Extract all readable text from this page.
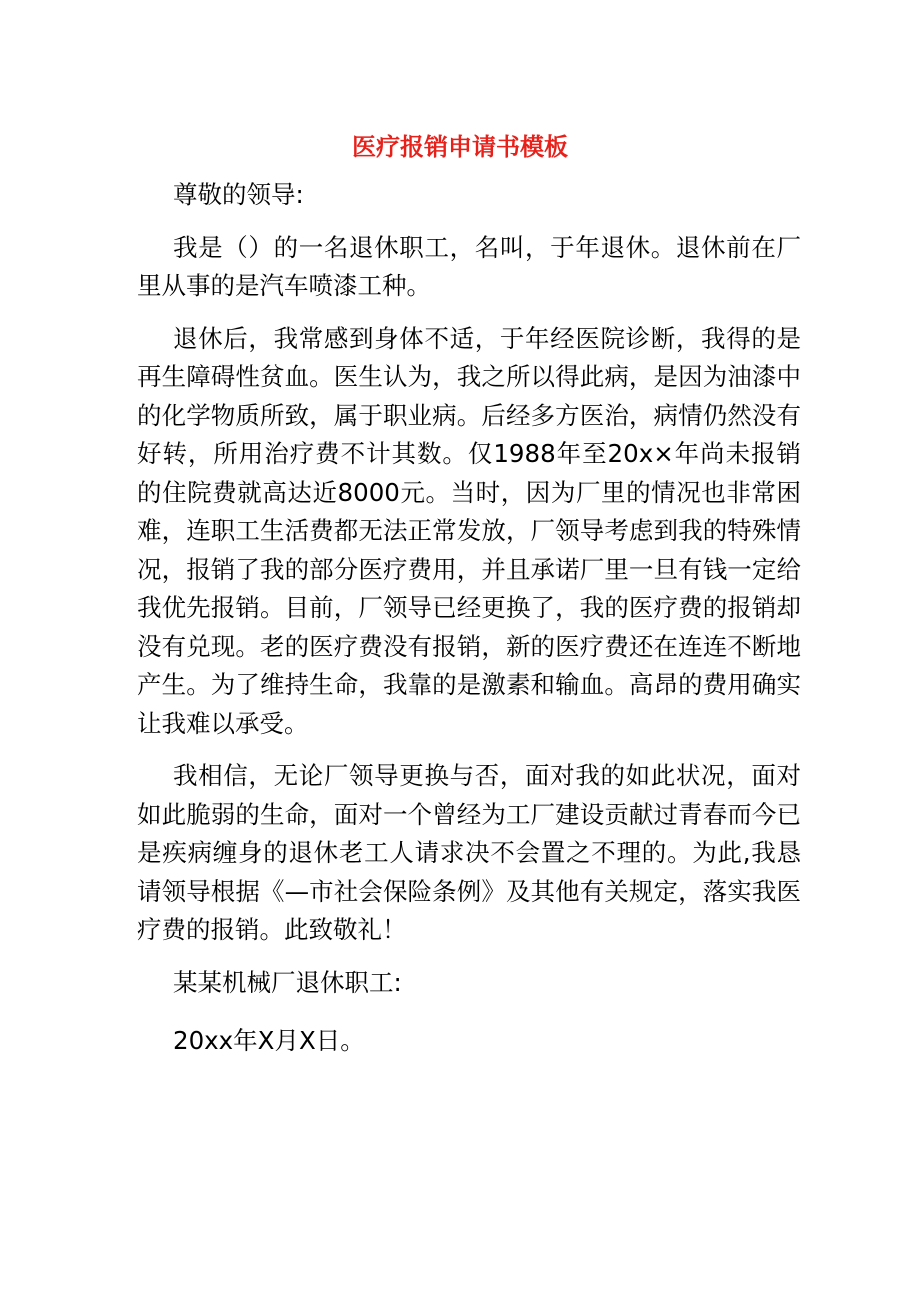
医疗报销申请书模板

尊敬的领导:

我是（）的一名退休职工，名叫，于年退休。退休前在厂里从事的是汽车喷漆工种。

退休后，我常感到身体不适，于年经医院诊断，我得的是再生障碍性贫血。医生认为，我之所以得此病，是因为油漆中的化学物质所致，属于职业病。后经多方医治，病情仍然没有好转，所用治疗费不计其数。仅1988年至20x×年尚未报销的住院费就高达近8000元。当时，因为厂里的情况也非常困难，连职工生活费都无法正常发放，厂领导考虑到我的特殊情况，报销了我的部分医疗费用，并且承诺厂里一旦有钱一定给我优先报销。目前，厂领导已经更换了，我的医疗费的报销却没有兑现。老的医疗费没有报销，新的医疗费还在连连不断地产生。为了维持生命，我靠的是激素和输血。高昂的费用确实让我难以承受。

我相信，无论厂领导更换与否，面对我的如此状况，面对如此脆弱的生命，面对一个曾经为工厂建设贡献过青春而今已是疾病缠身的退休老工人请求决不会置之不理的。为此,我恳请领导根据《—市社会保险条例》及其他有关规定，落实我医疗费的报销。此致敬礼！

某某机械厂退休职工:

20xx年X月X日。
